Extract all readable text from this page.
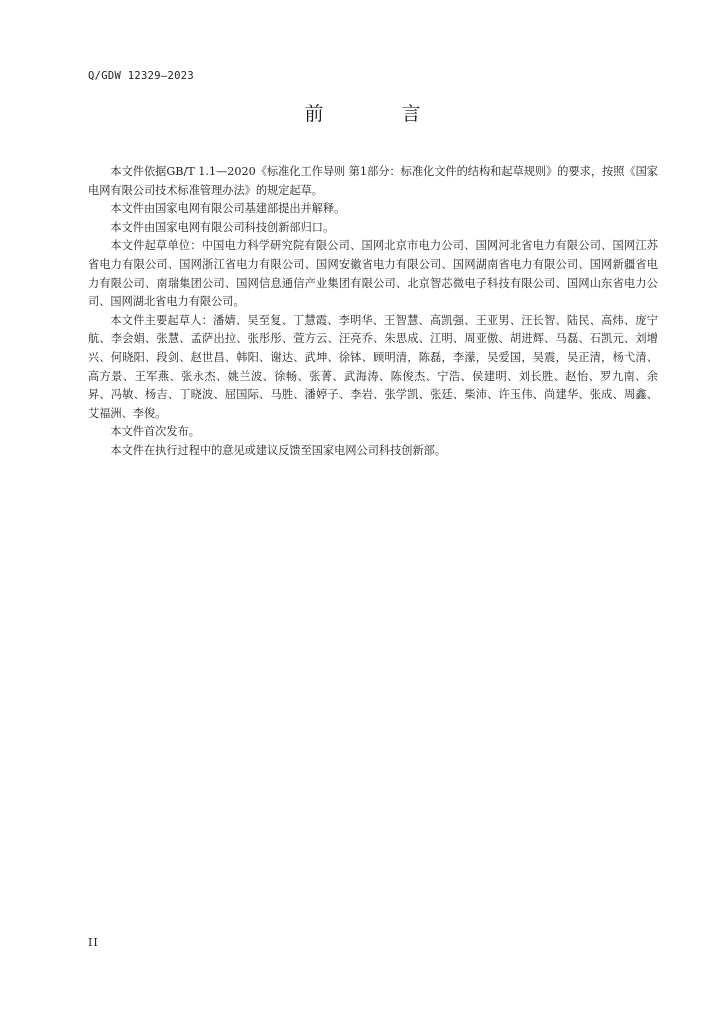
Q/GDW 12329—2023
前 言

本文件依据GB/T 1.1—2020《标准化工作导则 第1部分：标准化文件的结构和起草规则》的要求，按照《国家电网有限公司技术标准管理办法》的规定起草。

本文件由国家电网有限公司基建部提出并解释。

本文件由国家电网有限公司科技创新部归口。

本文件起草单位：中国电力科学研究院有限公司、国网北京市电力公司、国网河北省电力有限公司、国网江苏省电力有限公司、国网浙江省电力有限公司、国网安徽省电力有限公司、国网湖南省电力有限公司、国网新疆省电力有限公司、南瑞集团公司、国网信息通信产业集团有限公司、北京智芯微电子科技有限公司、国网山东省电力公司、国网湖北省电力有限公司。

本文件主要起草人：潘婧、吴至复、丁慧霞、李明华、王智慧、高凯强、王亚男、汪长智、陆民、高炜、庞宁航、李会娟、张慧、孟萨出拉、张彤彤、萱方云、汪亮乔、朱思成、江明、周亚傲、胡进辉、马磊、石凯元、刘增兴、何晓阳、段剑、赵世昌、韩阳、谢达、武坤、徐钵、顾明清，陈磊，李濛，吴爱国，吴震，吴正清，杨弋清、高方景、王军燕、张永杰、姚兰波、徐畅、张菁、武海涛、陈俊杰、宁浩、侯建明、刘长胜、赵怡、罗九南、余昇、冯敏、杨吉、丁晓波、屈国际、马胜、潘婷子、李岩、张学凯、张廷、柴沛、许玉伟、尚建华、张成、周鑫、艾福洲、李俊。

本文件首次发布。

本文件在执行过程中的意见或建议反馈至国家电网公司科技创新部。

II
